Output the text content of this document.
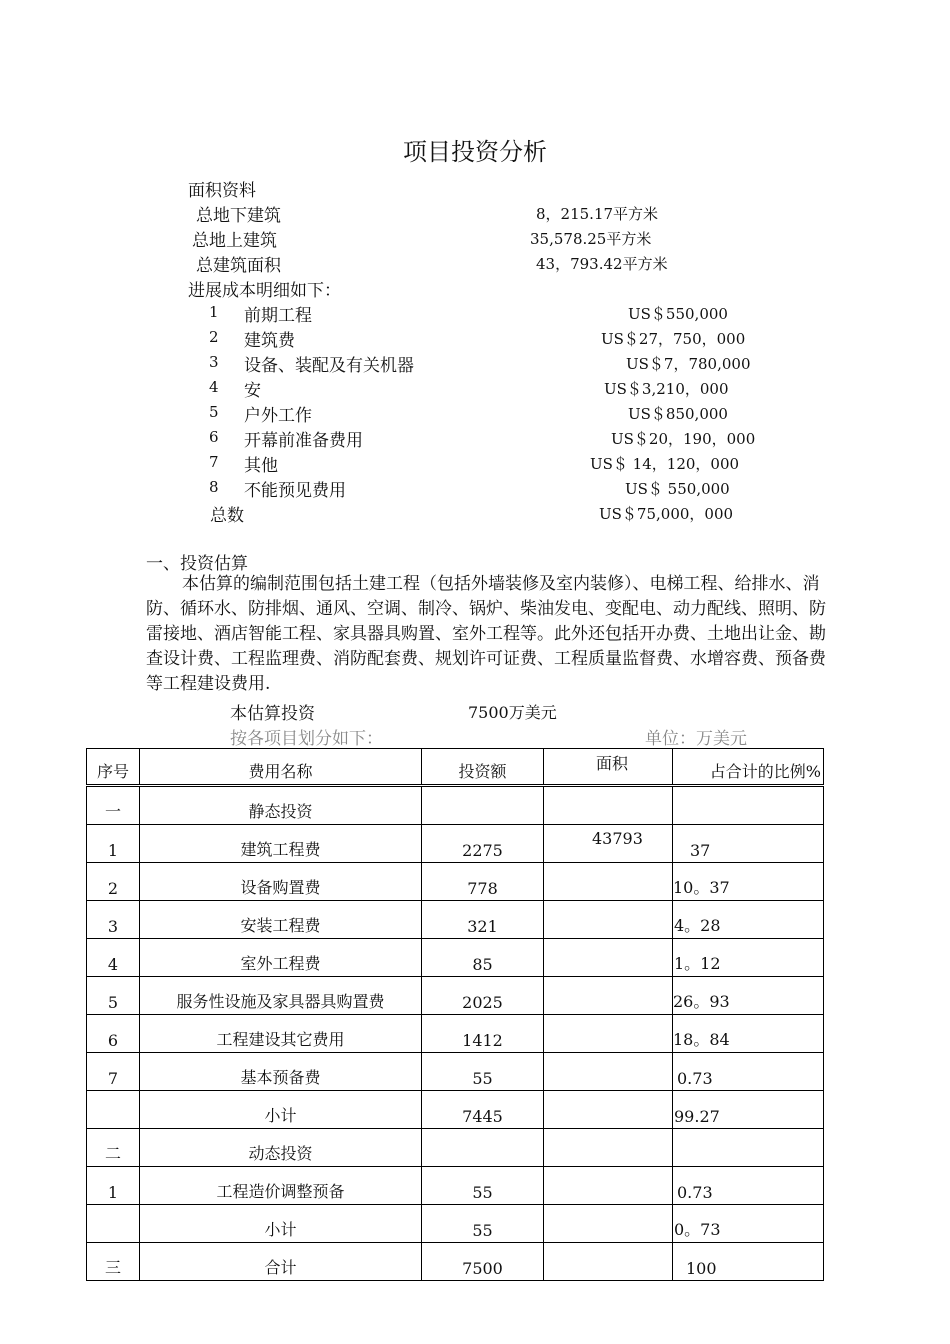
项目投资分析
面积资料
总地下建筑	8，215.17平方米
总地上建筑	35,578.25平方米
总建筑面积	43，793.42平方米
进展成本明细如下：
1 前期工程	US＄550,000
2 建筑费	US＄27，750，000
3 设备、装配及有关机器	US＄7，780,000
4 安	US＄3,210，000
5 户外工作	US＄850,000
6 开幕前准备费用	US＄20，190，000
7 其他	US＄ 14，120，000
8 不能预见费用	US＄ 550,000
总数	US＄75,000，000
一、投资估算
本估算的编制范围包括土建工程（包括外墙装修及室内装修）、电梯工程、给排水、消防、循环水、防排烟、通风、空调、制冷、锅炉、柴油发电、变配电、动力配线、照明、防雷接地、酒店智能工程、家具器具购置、室外工程等。此外还包括开办费、土地出让金、勘查设计费、工程监理费、消防配套费、规划许可证费、工程质量监督费、水增容费、预备费等工程建设费用.
本估算投资	7500万美元
按各项目划分如下：	单位：万美元
序号	费用名称	投资额	面积	占合计的比例%
一	静态投资			
1	建筑工程费	2275	43793	37
2	设备购置费	778		10。37
3	安装工程费	321		4。28
4	室外工程费	85		1。12
5	服务性设施及家具器具购置费	2025		26。93
6	工程建设其它费用	1412		18。84
7	基本预备费	55		0.73
	小计	7445		99.27
二	动态投资			
1	工程造价调整预备	55		0.73
	小计	55		0。73
三	合计	7500		100
